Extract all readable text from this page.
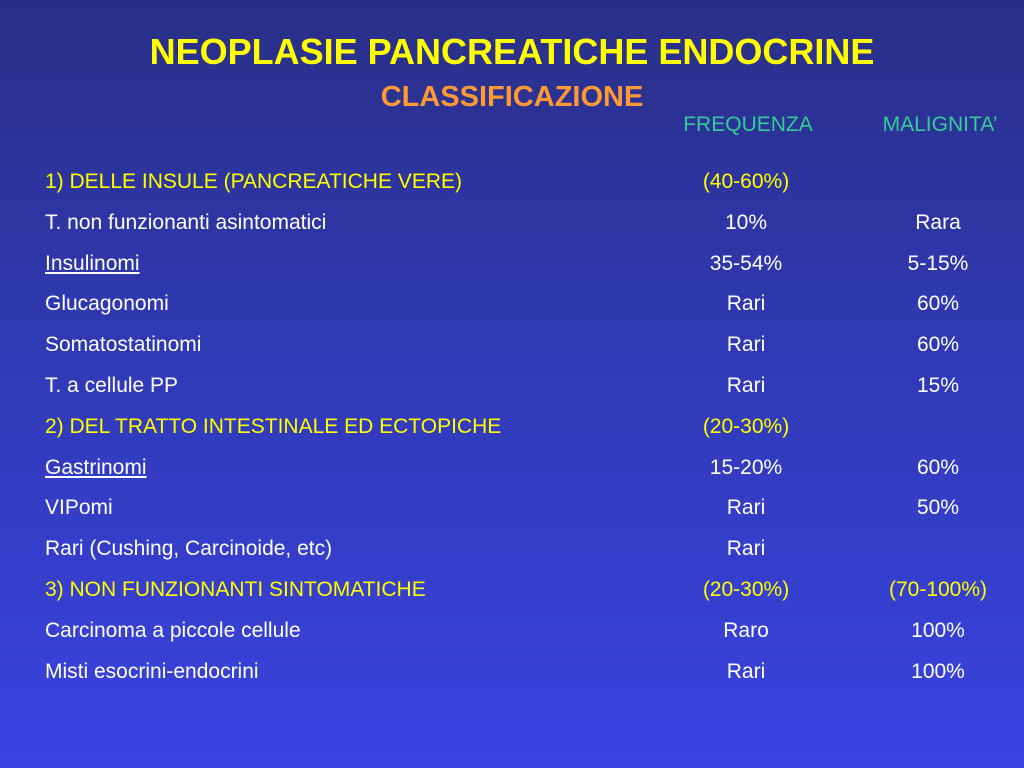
NEOPLASIE PANCREATICHE ENDOCRINE
CLASSIFICAZIONE
FREQUENZA	MALIGNITA’
1) DELLE INSULE (PANCREATICHE VERE)	(40-60%)
T. non funzionanti asintomatici	10%	Rara
Insulinomi	35-54%	5-15%
Glucagonomi	Rari	60%
Somatostatinomi	Rari	60%
T. a cellule PP	Rari	15%
2) DEL TRATTO INTESTINALE ED ECTOPICHE	(20-30%)
Gastrinomi	15-20%	60%
VIPomi	Rari	50%
Rari (Cushing, Carcinoide, etc)	Rari
3) NON FUNZIONANTI SINTOMATICHE	(20-30%)	(70-100%)
Carcinoma a piccole cellule	Raro	100%
Misti esocrini-endocrini	Rari	100%
